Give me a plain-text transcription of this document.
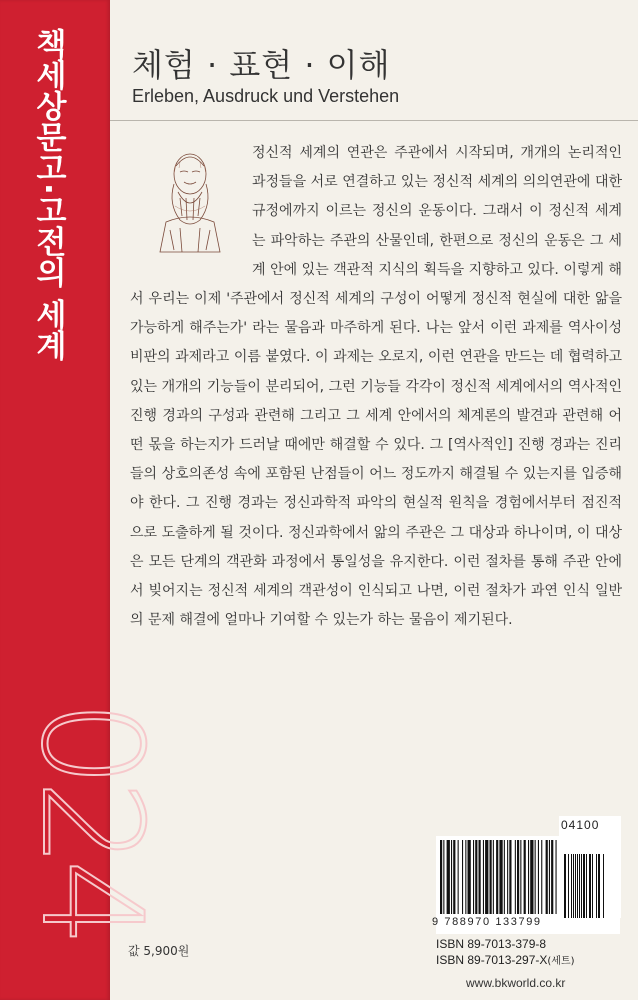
책세상문고·고전의 세계
024
체험 · 표현 · 이해
Erleben, Ausdruck und Verstehen

정신적 세계의 연관은 주관에서 시작되며, 개개의 논리적인 과정들을 서로 연결하고 있는 정신적 세계의 의의연관에 대한 규정에까지 이르는 정신의 운동이다. 그래서 이 정신적 세계는 파악하는 주관의 산물인데, 한편으로 정신의 운동은 그 세계 안에 있는 객관적 지식의 획득을 지향하고 있다. 이렇게 해서 우리는 이제 '주관에서 정신적 세계의 구성이 어떻게 정신적 현실에 대한 앎을 가능하게 해주는가' 라는 물음과 마주하게 된다. 나는 앞서 이런 과제를 역사이성 비판의 과제라고 이름 붙였다. 이 과제는 오로지, 이런 연관을 만드는 데 협력하고 있는 개개의 기능들이 분리되어, 그런 기능들 각각이 정신적 세계에서의 역사적인 진행 경과의 구성과 관련해 그리고 그 세계 안에서의 체계론의 발견과 관련해 어떤 몫을 하는지가 드러날 때에만 해결할 수 있다. 그 [역사적인] 진행 경과는 진리들의 상호의존성 속에 포함된 난점들이 어느 정도까지 해결될 수 있는지를 입증해야 한다. 그 진행 경과는 정신과학적 파악의 현실적 원칙을 경험에서부터 점진적으로 도출하게 될 것이다. 정신과학에서 앎의 주관은 그 대상과 하나이며, 이 대상은 모든 단계의 객관화 과정에서 통일성을 유지한다. 이런 절차를 통해 주관 안에서 빚어지는 정신적 세계의 객관성이 인식되고 나면, 이런 절차가 과연 인식 일반의 문제 해결에 얼마나 기여할 수 있는가 하는 물음이 제기된다.

04100
9 788970 133799
값 5,900원	ISBN 89-7013-379-8
ISBN 89-7013-297-X(세트)
www.bkworld.co.kr
